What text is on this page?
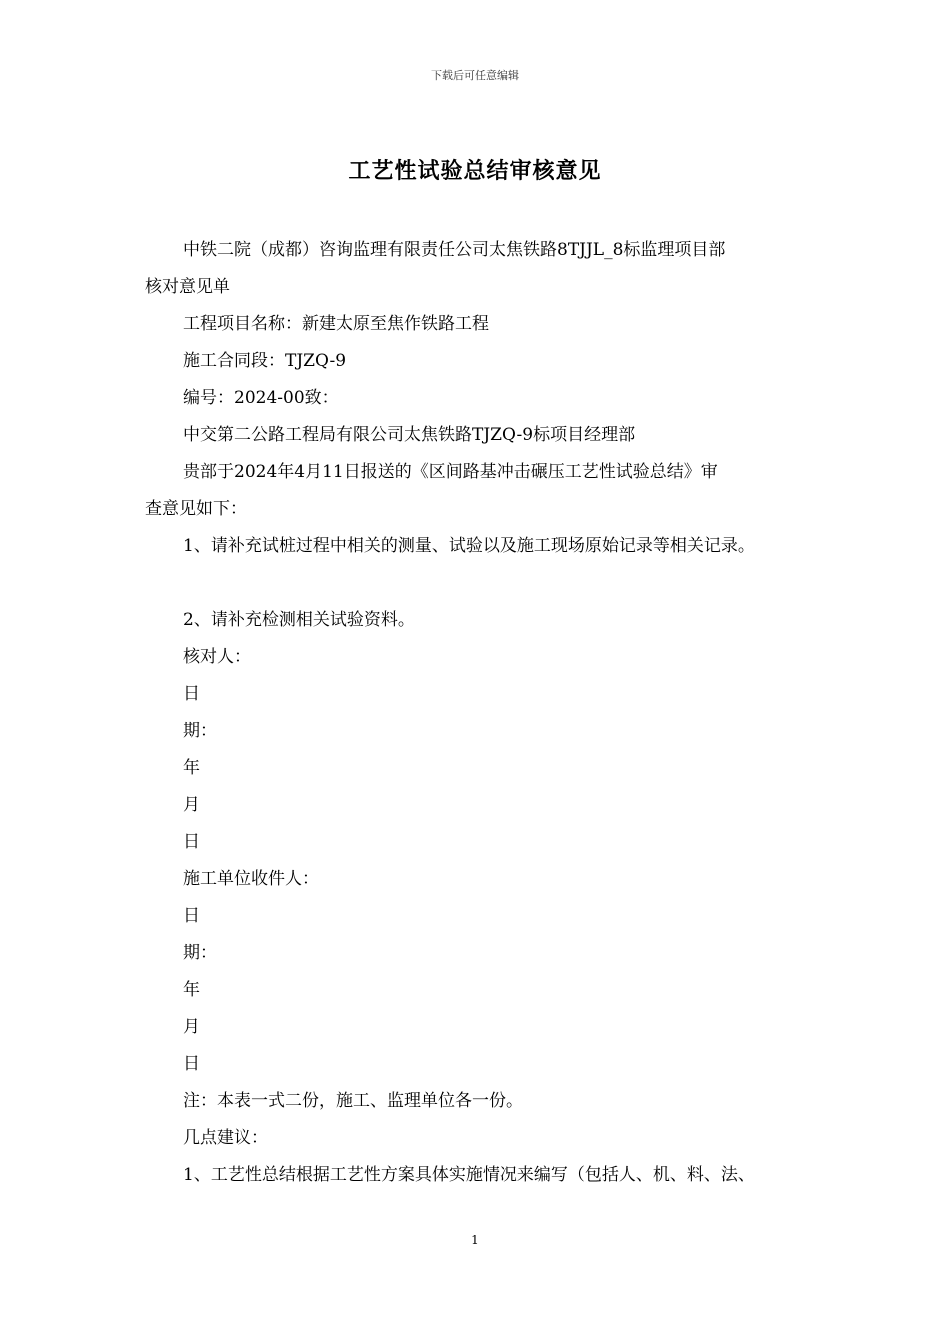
下载后可任意编辑
工艺性试验总结审核意见
中铁二院（成都）咨询监理有限责任公司太焦铁路8TJJL_8标监理项目部
核对意见单
工程项目名称：新建太原至焦作铁路工程
施工合同段：TJZQ-9
编号：2024-00致：
中交第二公路工程局有限公司太焦铁路TJZQ-9标项目经理部
贵部于2024年4月11日报送的《区间路基冲击碾压工艺性试验总结》审
查意见如下：
1、请补充试桩过程中相关的测量、试验以及施工现场原始记录等相关记录。
2、请补充检测相关试验资料。
核对人：
日
期：
年
月
日
施工单位收件人：
日
期：
年
月
日
注：本表一式二份，施工、监理单位各一份。
几点建议：
1、工艺性总结根据工艺性方案具体实施情况来编写（包括人、机、料、法、
1
